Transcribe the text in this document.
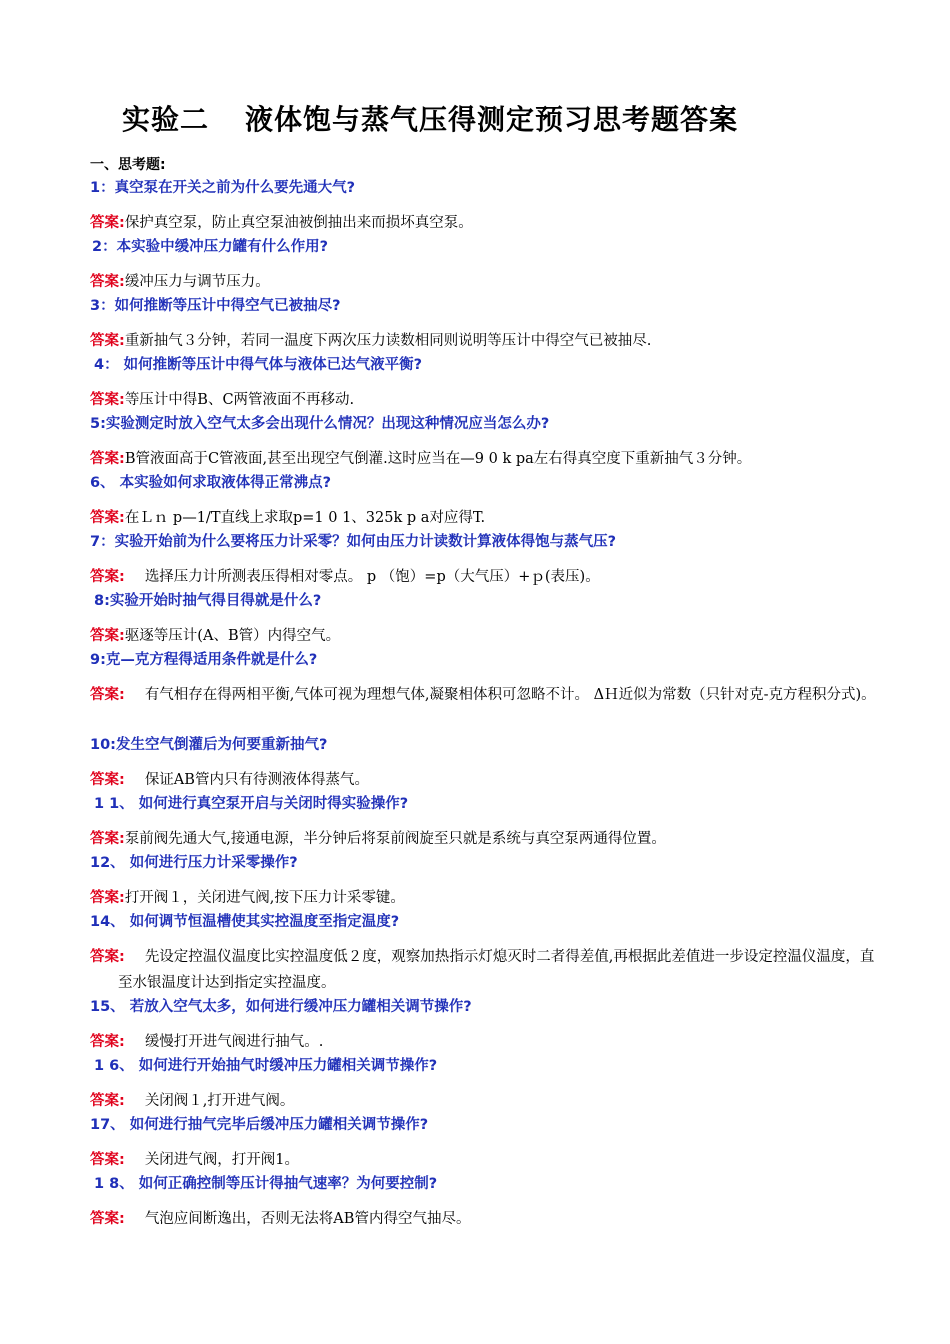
实验二 液体饱与蒸气压得测定预习思考题答案
一、思考题:
1：真空泵在开关之前为什么要先通大气?
答案:保护真空泵，防止真空泵油被倒抽出来而损坏真空泵。
2：本实验中缓冲压力罐有什么作用?
答案:缓冲压力与调节压力。
3：如何推断等压计中得空气已被抽尽?
答案:重新抽气３分钟，若同一温度下两次压力读数相同则说明等压计中得空气已被抽尽.
4： 如何推断等压计中得气体与液体已达气液平衡?
答案:等压计中得B、C两管液面不再移动.
5:实验测定时放入空气太多会出现什么情况？出现这种情况应当怎么办?
答案:B管液面高于C管液面,甚至出现空气倒灌.这时应当在—9 0 k pa左右得真空度下重新抽气３分钟。
6、 本实验如何求取液体得正常沸点?
答案:在Ｌｎ p—1/T直线上求取p=1 0 1、325k p a对应得T.
7：实验开始前为什么要将压力计采零？如何由压力计读数计算液体得饱与蒸气压?
答案: 选择压力计所测表压得相对零点。 p （饱）=p（大气压）+ｐ(表压)。
8:实验开始时抽气得目得就是什么?
答案:驱逐等压计(A、B管）内得空气。
9:克—克方程得适用条件就是什么?
答案: 有气相存在得两相平衡,气体可视为理想气体,凝聚相体积可忽略不计。 ΔＨ近似为常数（只针对克-克方程积分式)。
10:发生空气倒灌后为何要重新抽气?
答案: 保证AB管内只有待测液体得蒸气。
1 1、 如何进行真空泵开启与关闭时得实验操作?
答案:泵前阀先通大气,接通电源，半分钟后将泵前阀旋至只就是系统与真空泵两通得位置。
12、 如何进行压力计采零操作?
答案:打开阀１，关闭进气阀,按下压力计采零键。
14、 如何调节恒温槽使其实控温度至指定温度?
答案: 先设定控温仪温度比实控温度低２度，观察加热指示灯熄灭时二者得差值,再根据此差值进一步设定控温仪温度，直至水银温度计达到指定实控温度。
15、 若放入空气太多，如何进行缓冲压力罐相关调节操作?
答案: 缓慢打开进气阀进行抽气。.
1 6、 如何进行开始抽气时缓冲压力罐相关调节操作?
答案: 关闭阀１,打开进气阀。
17、 如何进行抽气完毕后缓冲压力罐相关调节操作?
答案: 关闭进气阀，打开阀1。
1 8、 如何正确控制等压计得抽气速率？为何要控制?
答案: 气泡应间断逸出，否则无法将AB管内得空气抽尽。
